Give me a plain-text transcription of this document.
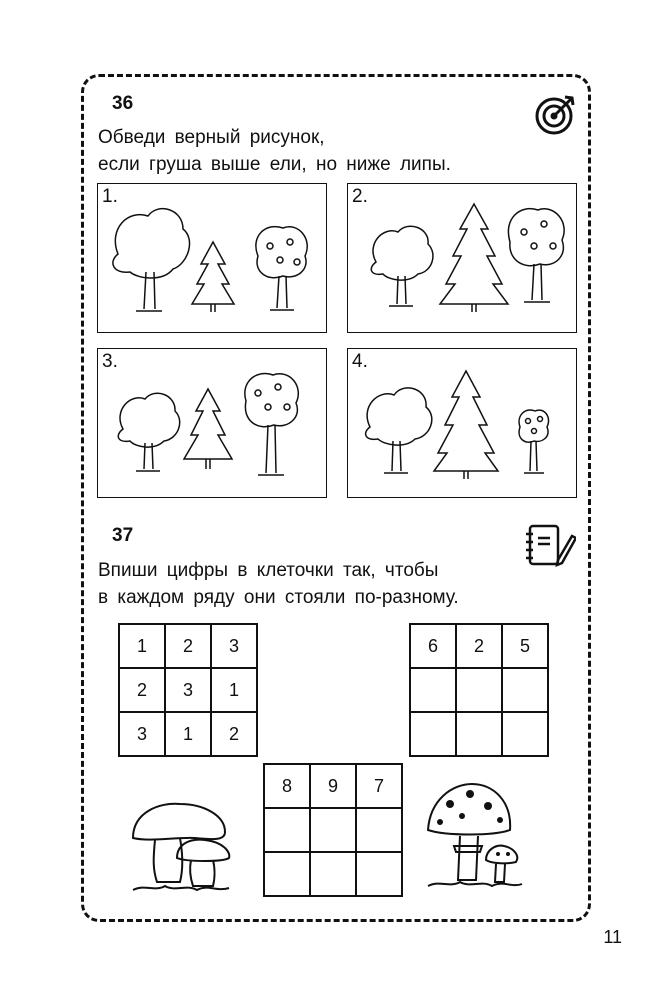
36
Обведи верный рисунок,
если груша выше ели, но ниже липы.
1.	2.
3.	4.
37
Впиши цифры в клеточки так, чтобы
в каждом ряду они стояли по-разному.
1	2	3
2	3	1
3	1	2
6	2	5

8	9	7

11
